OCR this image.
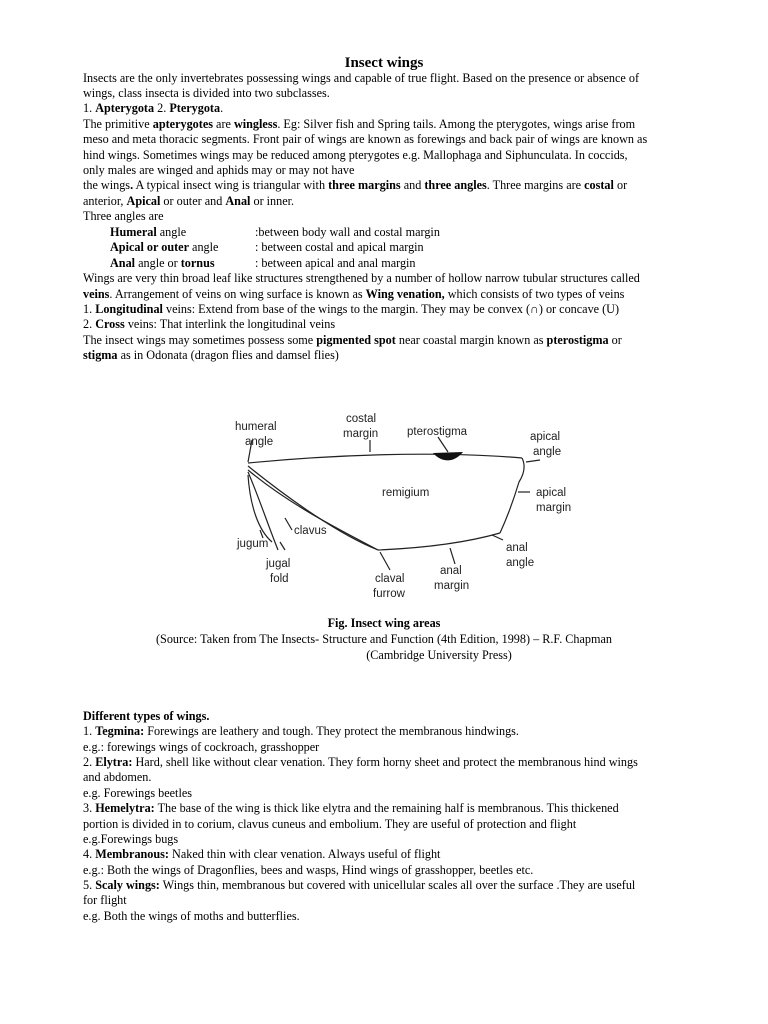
Insect wings
Insects are the only invertebrates possessing wings and capable of true flight. Based on the presence or absence of
wings, class insecta is divided into two subclasses.
1. Apterygota 2. Pterygota.
The primitive apterygotes are wingless. Eg: Silver fish and Spring tails. Among the pterygotes, wings arise from
meso and meta thoracic segments. Front pair of wings are known as forewings and back pair of wings are known as
hind wings. Sometimes wings may be reduced among pterygotes e.g. Mallophaga and Siphunculata. In coccids,
only males are winged and aphids may or may not have
the wings. A typical insect wing is triangular with three margins and three angles. Three margins are costal or
anterior, Apical or outer and Anal or inner.
Three angles are
Humeral angle	:between body wall and costal margin
Apical or outer angle	: between costal and apical margin
Anal angle or tornus	: between apical and anal margin
Wings are very thin broad leaf like structures strengthened by a number of hollow narrow tubular structures called
veins. Arrangement of veins on wing surface is known as Wing venation, which consists of two types of veins
1. Longitudinal veins: Extend from base of the wings to the margin. They may be convex (∩) or concave (U)
2. Cross veins: That interlink the longitudinal veins
The insect wings may sometimes possess some pigmented spot near coastal margin known as pterostigma or
stigma as in Odonata (dragon flies and damsel flies)
humeral
angle
costal
margin	pterostigma	apical
angle
remigium	apical
margin
clavus
jugum
jugal
fold	claval
furrow
anal
margin
anal
angle
Fig. Insect wing areas
(Source: Taken from The Insects- Structure and Function (4th Edition, 1998) – R.F. Chapman
(Cambridge University Press)
Different types of wings.
1. Tegmina: Forewings are leathery and tough. They protect the membranous hindwings.
e.g.: forewings wings of cockroach, grasshopper
2. Elytra: Hard, shell like without clear venation. They form horny sheet and protect the membranous hind wings
and abdomen.
e.g. Forewings beetles
3. Hemelytra: The base of the wing is thick like elytra and the remaining half is membranous. This thickened
portion is divided in to corium, clavus cuneus and embolium. They are useful of protection and flight
e.g.Forewings bugs
4. Membranous: Naked thin with clear venation. Always useful of flight
e.g.: Both the wings of Dragonflies, bees and wasps, Hind wings of grasshopper, beetles etc.
5. Scaly wings: Wings thin, membranous but covered with unicellular scales all over the surface .They are useful
for flight
e.g. Both the wings of moths and butterflies.
